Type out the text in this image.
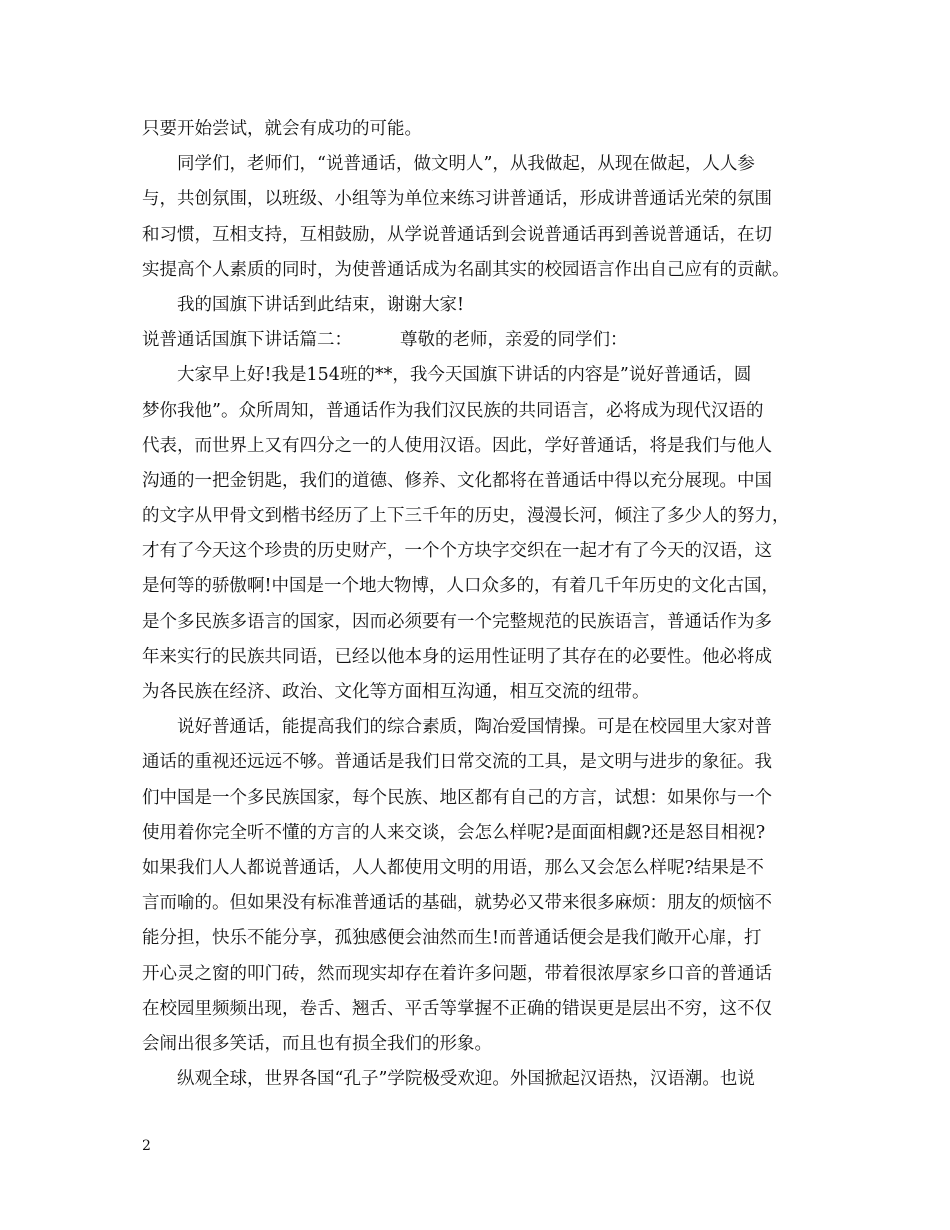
只要开始尝试，就会有成功的可能。
同学们，老师们，“说普通话，做文明人”，从我做起，从现在做起，人人参
与，共创氛围，以班级、小组等为单位来练习讲普通话，形成讲普通话光荣的氛围
和习惯，互相支持，互相鼓励，从学说普通话到会说普通话再到善说普通话，在切
实提高个人素质的同时，为使普通话成为名副其实的校园语言作出自己应有的贡献。
我的国旗下讲话到此结束，谢谢大家!
说普通话国旗下讲话篇二：	尊敬的老师，亲爱的同学们：
大家早上好!我是154班的**，我今天国旗下讲话的内容是”说好普通话，圆
梦你我他”。众所周知，普通话作为我们汉民族的共同语言，必将成为现代汉语的
代表，而世界上又有四分之一的人使用汉语。因此，学好普通话，将是我们与他人
沟通的一把金钥匙，我们的道德、修养、文化都将在普通话中得以充分展现。中国
的文字从甲骨文到楷书经历了上下三千年的历史，漫漫长河，倾注了多少人的努力，
才有了今天这个珍贵的历史财产，一个个方块字交织在一起才有了今天的汉语，这
是何等的骄傲啊!中国是一个地大物博，人口众多的，有着几千年历史的文化古国，
是个多民族多语言的国家，因而必须要有一个完整规范的民族语言，普通话作为多
年来实行的民族共同语，已经以他本身的运用性证明了其存在的必要性。他必将成
为各民族在经济、政治、文化等方面相互沟通，相互交流的纽带。
说好普通话，能提高我们的综合素质，陶冶爱国情操。可是在校园里大家对普
通话的重视还远远不够。普通话是我们日常交流的工具，是文明与进步的象征。我
们中国是一个多民族国家，每个民族、地区都有自己的方言，试想：如果你与一个
使用着你完全听不懂的方言的人来交谈，会怎么样呢?是面面相觑?还是怒目相视?
如果我们人人都说普通话，人人都使用文明的用语，那么又会怎么样呢?结果是不
言而喻的。但如果没有标准普通话的基础，就势必又带来很多麻烦：朋友的烦恼不
能分担，快乐不能分享，孤独感便会油然而生!而普通话便会是我们敞开心扉，打
开心灵之窗的叩门砖，然而现实却存在着许多问题，带着很浓厚家乡口音的普通话
在校园里频频出现，卷舌、翘舌、平舌等掌握不正确的错误更是层出不穷，这不仅
会闹出很多笑话，而且也有损全我们的形象。
纵观全球，世界各国“孔子”学院极受欢迎。外国掀起汉语热，汉语潮。也说
2
